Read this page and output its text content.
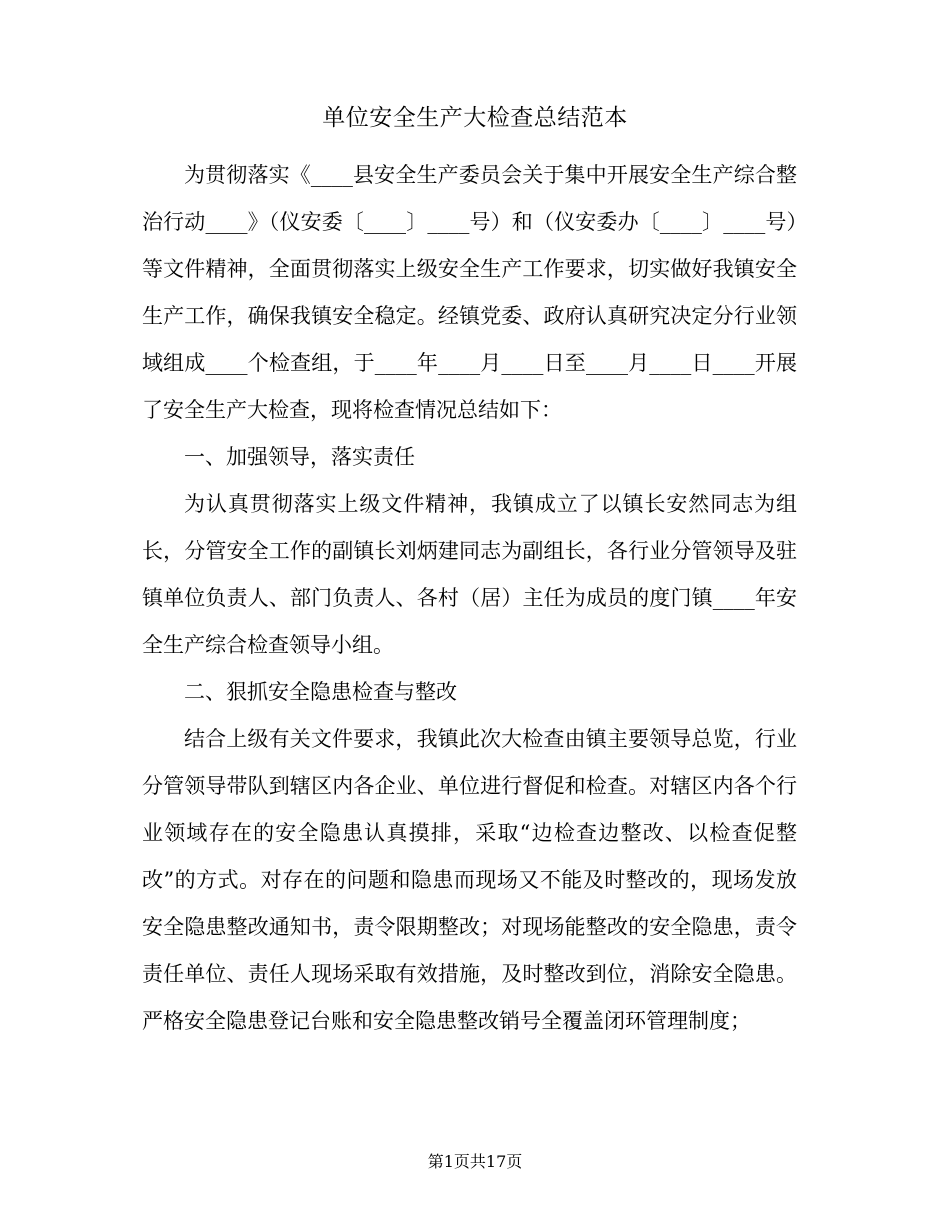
单位安全生产大检查总结范本

为贯彻落实《____县安全生产委员会关于集中开展安全生产综合整治行动____》（仪安委〔____〕____号）和（仪安委办〔____〕____号）等文件精神，全面贯彻落实上级安全生产工作要求，切实做好我镇安全生产工作，确保我镇安全稳定。经镇党委、政府认真研究决定分行业领域组成____个检查组，于____年____月____日至____月____日____开展了安全生产大检查，现将检查情况总结如下：

一、加强领导，落实责任

为认真贯彻落实上级文件精神，我镇成立了以镇长安然同志为组长，分管安全工作的副镇长刘炳建同志为副组长，各行业分管领导及驻镇单位负责人、部门负责人、各村（居）主任为成员的度门镇____年安全生产综合检查领导小组。

二、狠抓安全隐患检查与整改

结合上级有关文件要求，我镇此次大检查由镇主要领导总览，行业分管领导带队到辖区内各企业、单位进行督促和检查。对辖区内各个行业领域存在的安全隐患认真摸排，采取“边检查边整改、以检查促整改”的方式。对存在的问题和隐患而现场又不能及时整改的，现场发放安全隐患整改通知书，责令限期整改；对现场能整改的安全隐患，责令责任单位、责任人现场采取有效措施，及时整改到位，消除安全隐患。严格安全隐患登记台账和安全隐患整改销号全覆盖闭环管理制度；

第1页共17页
